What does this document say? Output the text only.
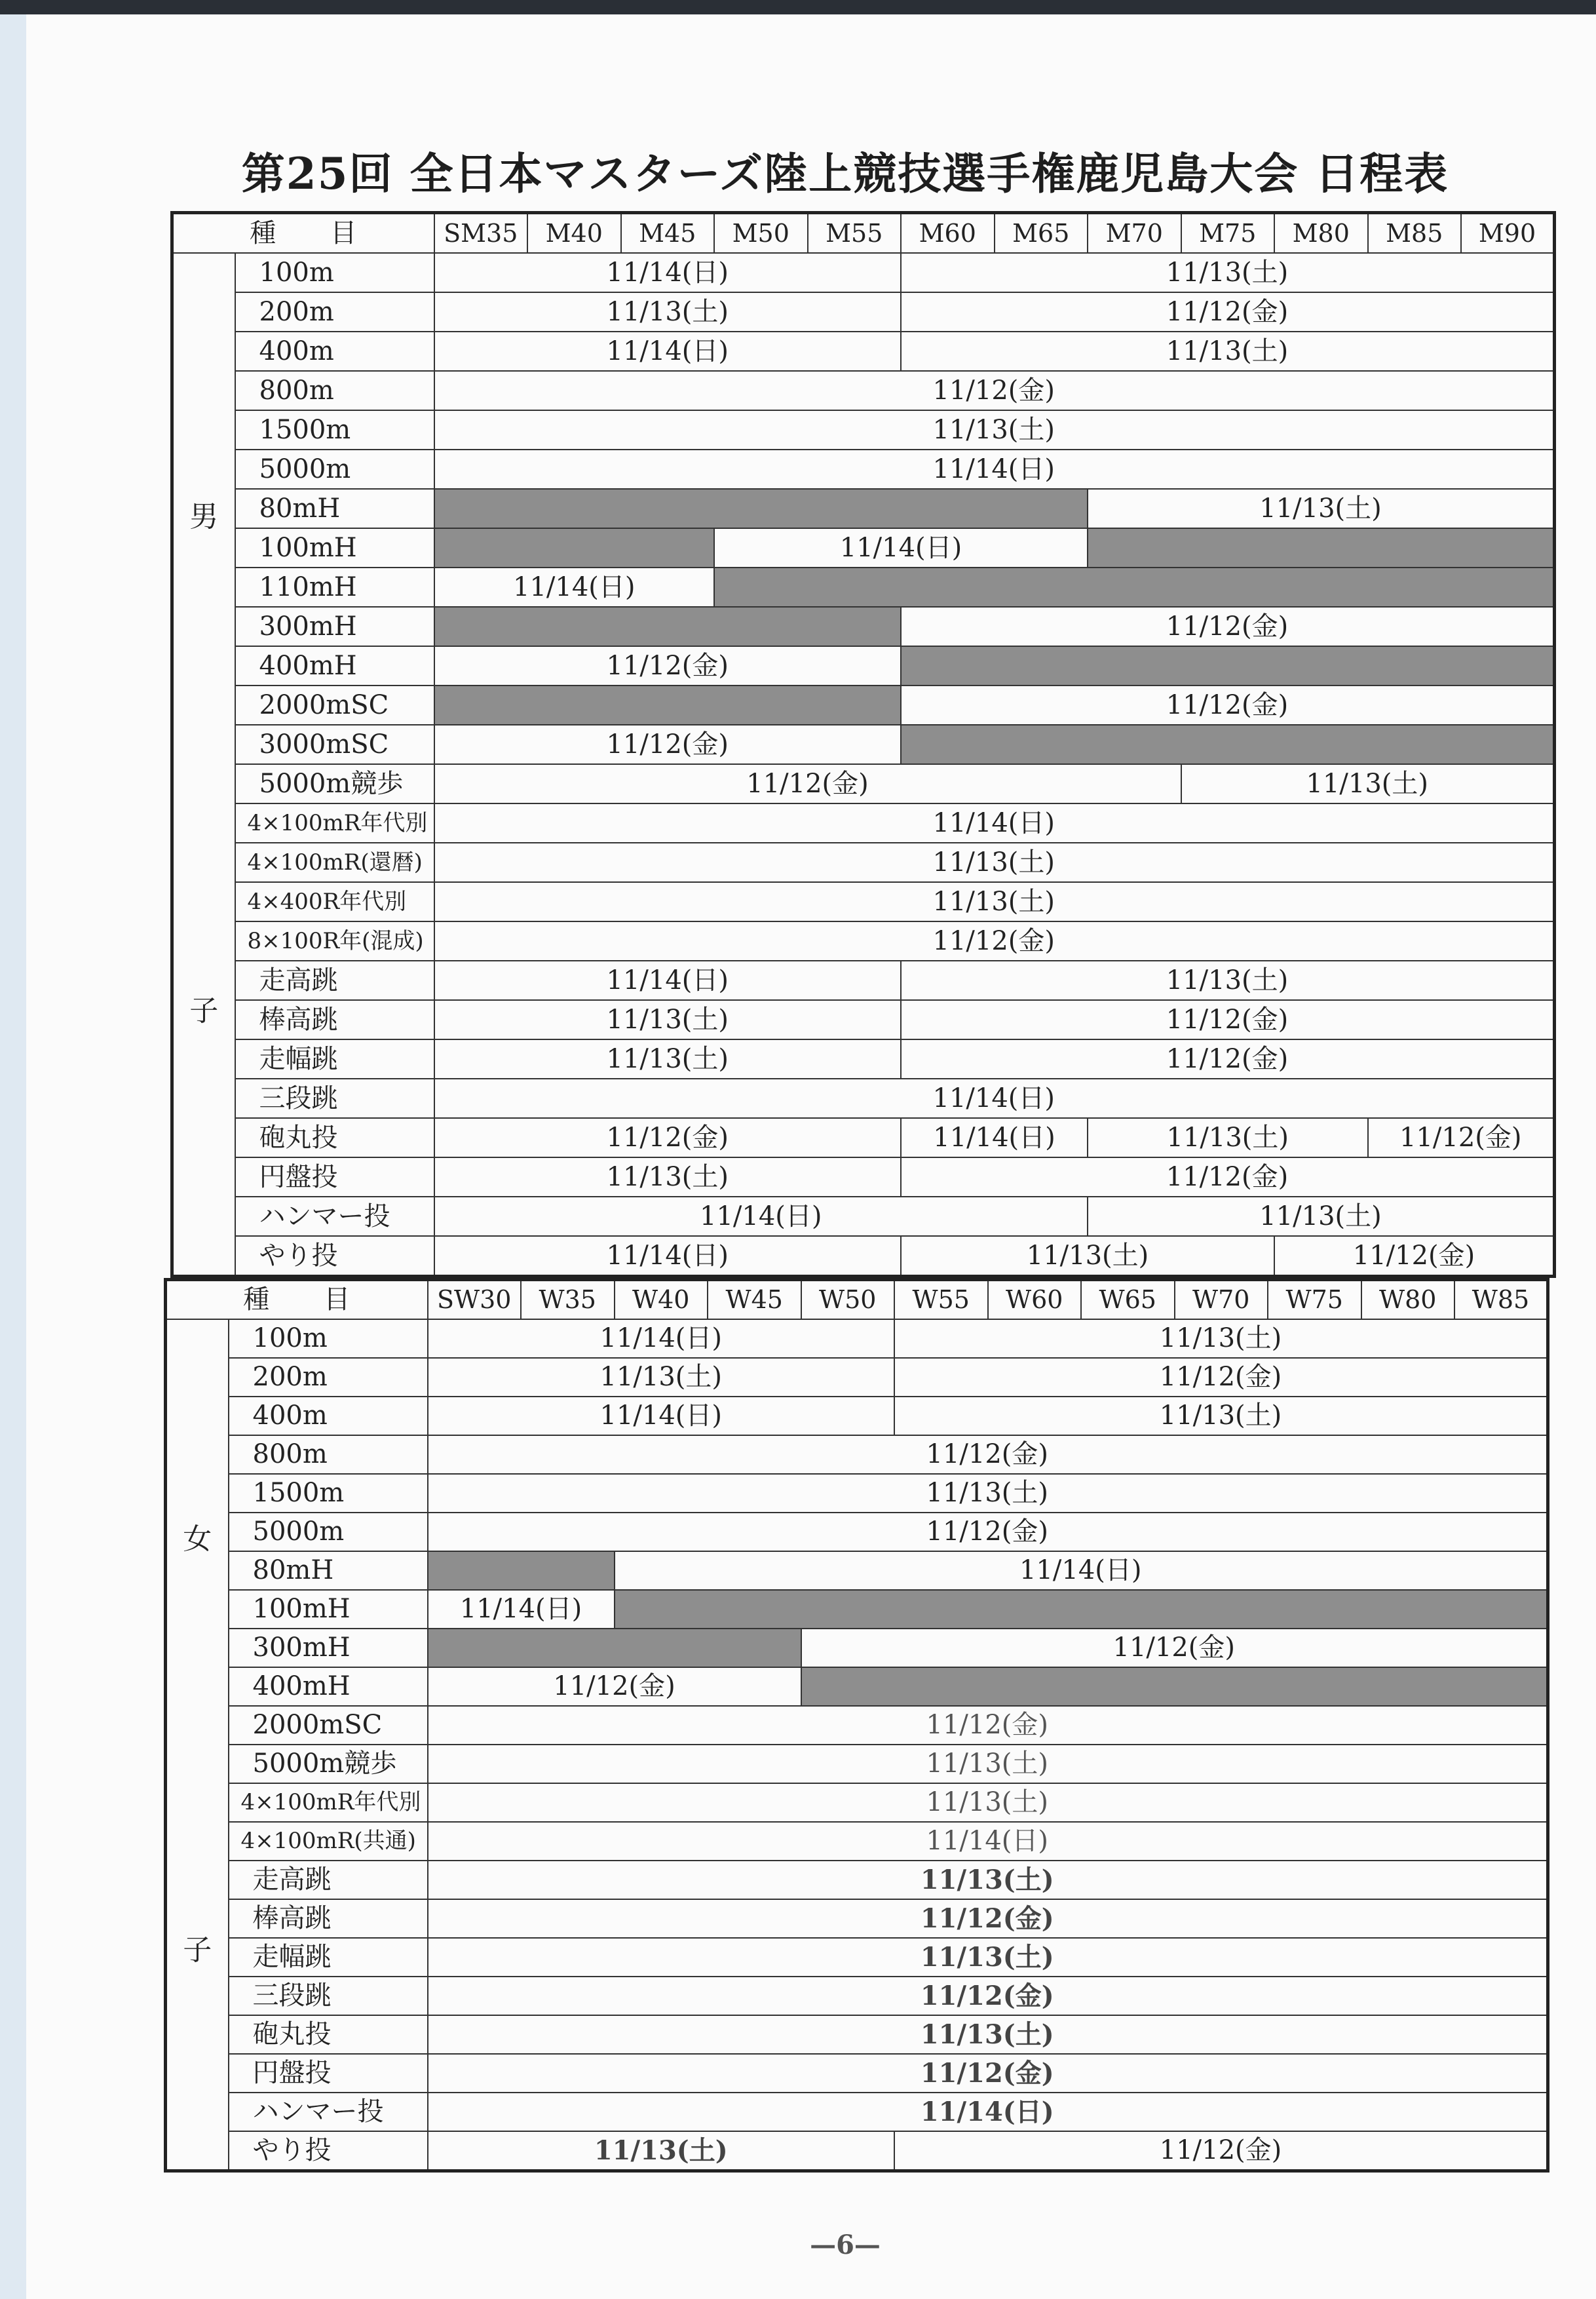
第25回 全日本マスターズ陸上競技選手権鹿児島大会 日程表
種　　目		SM35	M40	M45	M50	M55	M60	M65	M70	M75	M80	M85	M90

男
子	100m	11/14(日)					11/13(土)						
	200m	11/13(土)					11/12(金)						
	400m	11/14(日)					11/13(土)						
	800m	11/12(金)											
	1500m	11/13(土)											
	5000m	11/14(日)											
	80mH								11/13(土)				
	100mH				11/14(日)								
	110mH	11/14(日)											
	300mH						11/12(金)						
	400mH	11/12(金)											
	2000mSC						11/12(金)						
	3000mSC	11/12(金)											
	5000m競歩	11/12(金)								11/13(土)			
	4×100mR年代別	11/14(日)											
	4×100mR(還暦)	11/13(土)											
	4×400R年代別	11/13(土)											
	8×100R年(混成)	11/12(金)											
	走高跳	11/14(日)					11/13(土)						
	棒高跳	11/13(土)					11/12(金)						
	走幅跳	11/13(土)					11/12(金)						
	三段跳	11/14(日)											
	砲丸投	11/12(金)					11/14(日)		11/13(土)			11/12(金)	
	円盤投	11/13(土)					11/12(金)						
	ハンマー投	11/14(日)							11/13(土)				
	やり投	11/14(日)					11/13(土)				11/12(金)		
種　　目		SW30	W35	W40	W45	W50	W55	W60	W65	W70	W75	W80	W85

女
子	100m	11/14(日)					11/13(土)						
	200m	11/13(土)					11/12(金)						
	400m	11/14(日)					11/13(土)						
	800m	11/12(金)											
	1500m	11/13(土)											
	5000m	11/12(金)											
	80mH			11/14(日)									
	100mH	11/14(日)											
	300mH					11/12(金)							
	400mH	11/12(金)											
	2000mSC	11/12(金)											
	5000m競歩	11/13(土)											
	4×100mR年代別	11/13(土)											
	4×100mR(共通)	11/14(日)											
	走高跳	11/13(土)											
	棒高跳	11/12(金)											
	走幅跳	11/13(土)											
	三段跳	11/12(金)											
	砲丸投	11/13(土)											
	円盤投	11/12(金)											
	ハンマー投	11/14(日)											
	やり投	11/13(土)					11/12(金)						
—6—
